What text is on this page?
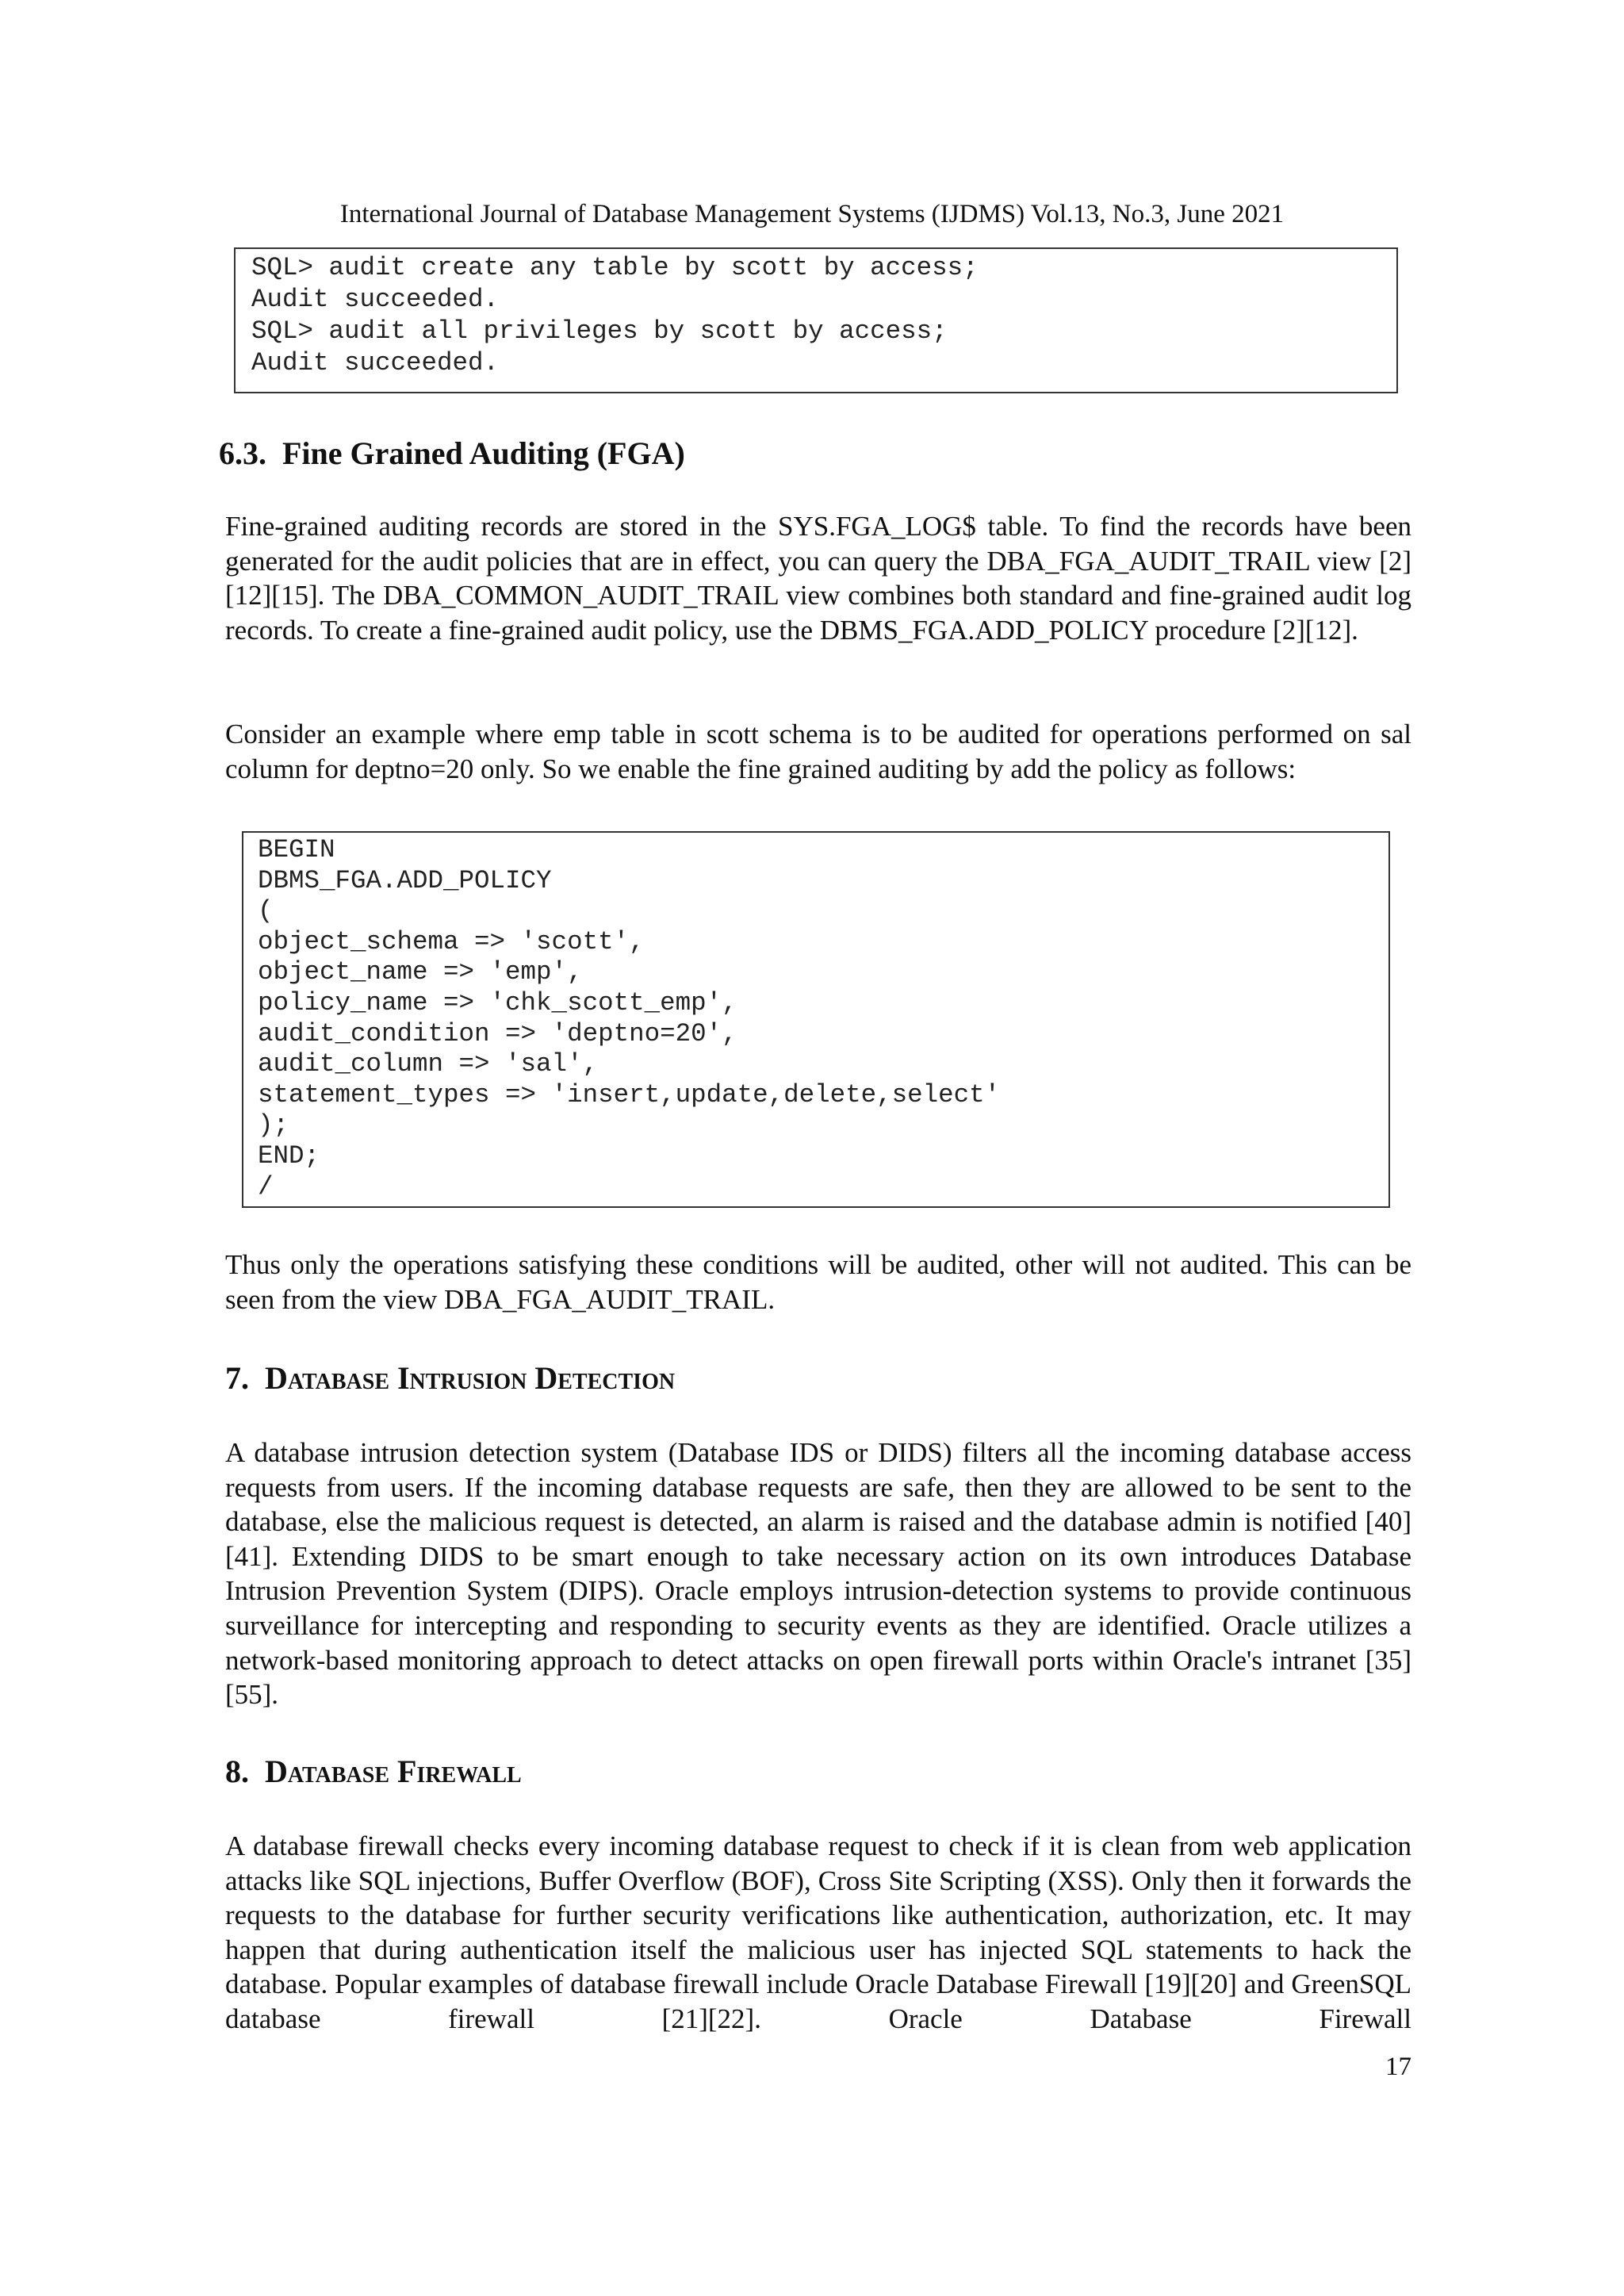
International Journal of Database Management Systems (IJDMS) Vol.13, No.3, June 2021
SQL> audit create any table by scott by access;
Audit succeeded.
SQL> audit all privileges by scott by access;
Audit succeeded.
6.3. Fine Grained Auditing (FGA)

Fine-grained auditing records are stored in the SYS.FGA_LOG$ table. To find the records have been generated for the audit policies that are in effect, you can query the DBA_FGA_AUDIT_TRAIL view [2][12][15]. The DBA_COMMON_AUDIT_TRAIL view combines both standard and fine-grained audit log records. To create a fine-grained audit policy, use the DBMS_FGA.ADD_POLICY procedure [2][12].

Consider an example where emp table in scott schema is to be audited for operations performed on sal column for deptno=20 only. So we enable the fine grained auditing by add the policy as follows:

BEGIN
DBMS_FGA.ADD_POLICY
(
object_schema => 'scott',
object_name => 'emp',
policy_name => 'chk_scott_emp',
audit_condition => 'deptno=20',
audit_column => 'sal',
statement_types => 'insert,update,delete,select'
);
END;
/

Thus only the operations satisfying these conditions will be audited, other will not audited. This can be seen from the view DBA_FGA_AUDIT_TRAIL.

7. Database Intrusion Detection

A database intrusion detection system (Database IDS or DIDS) filters all the incoming database access requests from users. If the incoming database requests are safe, then they are allowed to be sent to the database, else the malicious request is detected, an alarm is raised and the database admin is notified [40][41]. Extending DIDS to be smart enough to take necessary action on its own introduces Database Intrusion Prevention System (DIPS). Oracle employs intrusion-detection systems to provide continuous surveillance for intercepting and responding to security events as they are identified. Oracle utilizes a network-based monitoring approach to detect attacks on open firewall ports within Oracle's intranet [35][55].

8. Database Firewall

A database firewall checks every incoming database request to check if it is clean from web application attacks like SQL injections, Buffer Overflow (BOF), Cross Site Scripting (XSS). Only then it forwards the requests to the database for further security verifications like authentication, authorization, etc. It may happen that during authentication itself the malicious user has injected SQL statements to hack the database. Popular examples of database firewall include Oracle Database Firewall [19][20] and GreenSQL database firewall [21][22]. Oracle Database Firewall

17
